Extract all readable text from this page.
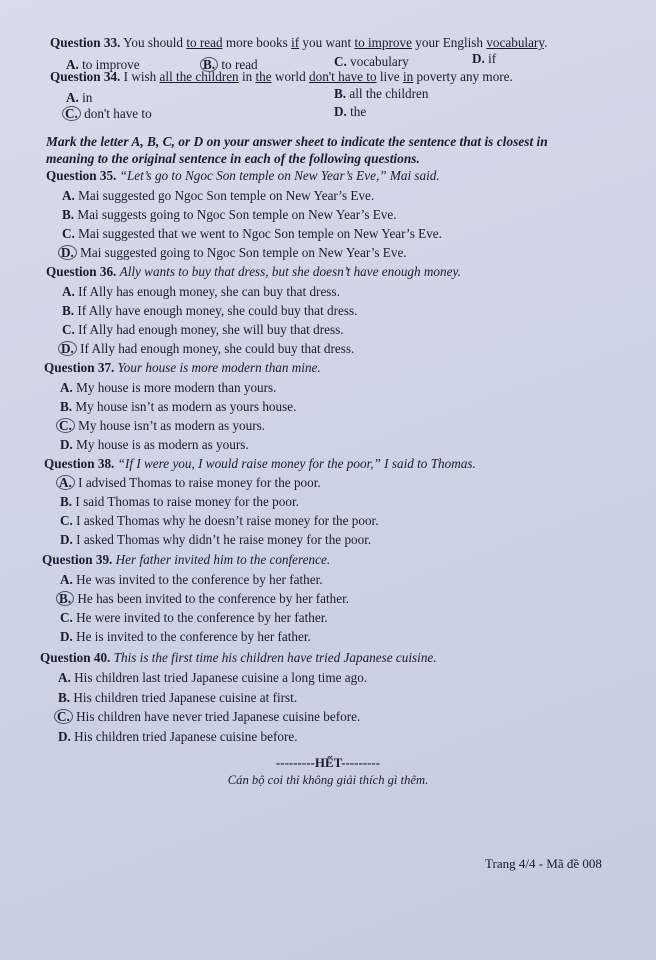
Question 33. You should to read more books if you want to improve your English vocabulary.
A. to improve	B. to read	C. vocabulary	D. if
Question 34. I wish all the children in the world don't have to live in poverty any more.
A. in	B. all the children
C. don't have to	D. the
Mark the letter A, B, C, or D on your answer sheet to indicate the sentence that is closest in
meaning to the original sentence in each of the following questions.
Question 35. “Let’s go to Ngoc Son temple on New Year’s Eve,” Mai said.
A. Mai suggested go Ngoc Son temple on New Year’s Eve.
B. Mai suggests going to Ngoc Son temple on New Year’s Eve.
C. Mai suggested that we went to Ngoc Son temple on New Year’s Eve.
D. Mai suggested going to Ngoc Son temple on New Year’s Eve.
Question 36. Ally wants to buy that dress, but she doesn’t have enough money.
A. If Ally has enough money, she can buy that dress.
B. If Ally have enough money, she could buy that dress.
C. If Ally had enough money, she will buy that dress.
D. If Ally had enough money, she could buy that dress.
Question 37. Your house is more modern than mine.
A. My house is more modern than yours.
B. My house isn’t as modern as yours house.
C. My house isn’t as modern as yours.
D. My house is as modern as yours.
Question 38. “If I were you, I would raise money for the poor,” I said to Thomas.
A. I advised Thomas to raise money for the poor.
B. I said Thomas to raise money for the poor.
C. I asked Thomas why he doesn’t raise money for the poor.
D. I asked Thomas why didn’t he raise money for the poor.
Question 39. Her father invited him to the conference.
A. He was invited to the conference by her father.
B. He has been invited to the conference by her father.
C. He were invited to the conference by her father.
D. He is invited to the conference by her father.
Question 40. This is the first time his children have tried Japanese cuisine.
A. His children last tried Japanese cuisine a long time ago.
B. His children tried Japanese cuisine at first.
C. His children have never tried Japanese cuisine before.
D. His children tried Japanese cuisine before.
---------HẾT---------
Cán bộ coi thi không giải thích gì thêm.
Trang 4/4 - Mã đề 008
